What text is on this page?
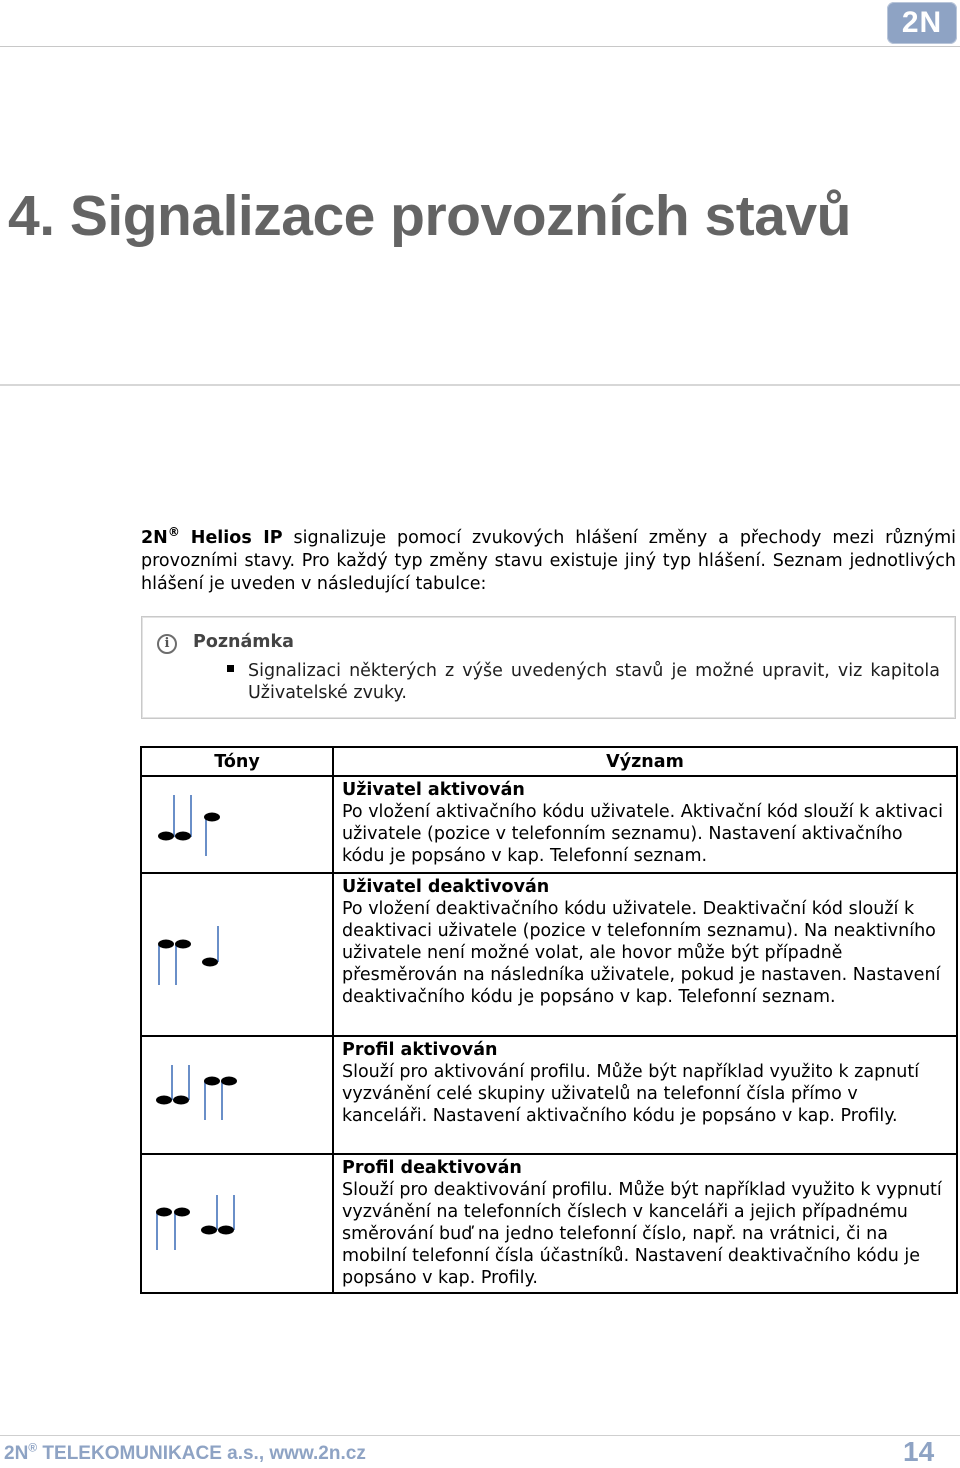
2N
4. Signalizace provozních stavů

2N® Helios IP signalizuje pomocí zvukových hlášení změny a přechody mezi různými provozními stavy. Pro každý typ změny stavu existuje jiný typ hlášení. Seznam jednotlivých hlášení je uveden v následující tabulce:

i	Poznámka
Signalizaci některých z výše uvedených stavů je možné upravit, viz kapitola Uživatelské zvuky.
Tóny	Význam

Uživatel aktivován
Po vložení aktivačního kódu uživatele. Aktivační kód slouží k aktivaci uživatele (pozice v telefonním seznamu). Nastavení aktivačního kódu je popsáno v kap. Telefonní seznam.

Uživatel deaktivován
Po vložení deaktivačního kódu uživatele. Deaktivační kód slouží k deaktivaci uživatele (pozice v telefonním seznamu). Na neaktivního uživatele není možné volat, ale hovor může být případně přesměrován na následníka uživatele, pokud je nastaven. Nastavení deaktivačního kódu je popsáno v kap. Telefonní seznam.

Profil aktivován
Slouží pro aktivování profilu. Může být například využito k zapnutí vyzvánění celé skupiny uživatelů na telefonní čísla přímo v kanceláři. Nastavení aktivačního kódu je popsáno v kap. Profily.

Profil deaktivován
Slouží pro deaktivování profilu. Může být například využito k vypnutí vyzvánění na telefonních číslech v kanceláři a jejich případnému směrování buď na jedno telefonní číslo, např. na vrátnici, či na mobilní telefonní čísla účastníků. Nastavení deaktivačního kódu je popsáno v kap. Profily.
2N® TELEKOMUNIKACE a.s., www.2n.cz	14
